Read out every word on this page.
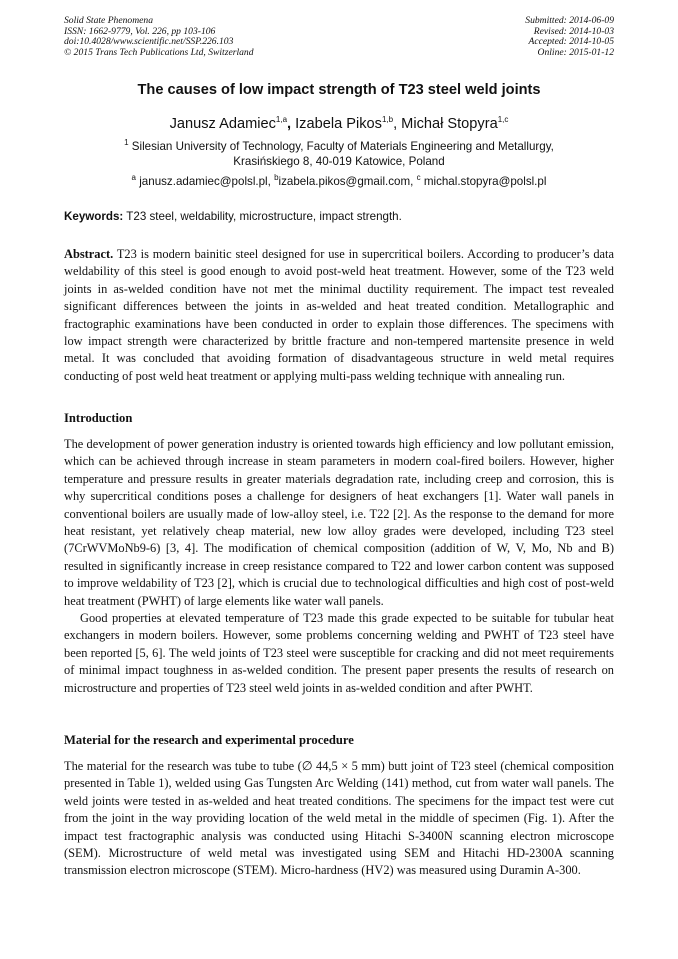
Solid State Phenomena
ISSN: 1662-9779, Vol. 226, pp 103-106
doi:10.4028/www.scientific.net/SSP.226.103
© 2015 Trans Tech Publications Ltd, Switzerland
Submitted: 2014-06-09
Revised: 2014-10-03
Accepted: 2014-10-05
Online: 2015-01-12
The causes of low impact strength of T23 steel weld joints
Janusz Adamiec$^{1,a}$, Izabela Pikos$^{1,b}$, Michał Stopyra$^{1,c}$
$^1$ Silesian University of Technology, Faculty of Materials Engineering and Metallurgy,
Krasińskiego 8, 40-019 Katowice, Poland
$^a$ janusz.adamiec@polsl.pl, $^b$izabela.pikos@gmail.com, $^c$ michal.stopyra@polsl.pl
Keywords: T23 steel, weldability, microstructure, impact strength.

Abstract. T23 is modern bainitic steel designed for use in supercritical boilers. According to producer’s data weldability of this steel is good enough to avoid post-weld heat treatment. However, some of the T23 weld joints in as-welded condition have not met the minimal ductility requirement. The impact test revealed significant differences between the joints in as-welded and heat treated condition. Metallographic and fractographic examinations have been conducted in order to explain those differences. The specimens with low impact strength were characterized by brittle fracture and non-tempered martensite presence in weld metal. It was concluded that avoiding formation of disadvantageous structure in weld metal requires conducting of post weld heat treatment or applying multi-pass welding technique with annealing run.

Introduction

The development of power generation industry is oriented towards high efficiency and low pollutant emission, which can be achieved through increase in steam parameters in modern coal-fired boilers. However, higher temperature and pressure results in greater materials degradation rate, including creep and corrosion, this is why supercritical conditions poses a challenge for designers of heat exchangers [1]. Water wall panels in conventional boilers are usually made of low-alloy steel, i.e. T22 [2]. As the response to the demand for more heat resistant, yet relatively cheap material, new low alloy grades were developed, including T23 steel (7CrWVMoNb9-6) [3, 4]. The modification of chemical composition (addition of W, V, Mo, Nb and B) resulted in significantly increase in creep resistance compared to T22 and lower carbon content was supposed to improve weldability of T23 [2], which is crucial due to technological difficulties and high cost of post-weld heat treatment (PWHT) of large elements like water wall panels.

Good properties at elevated temperature of T23 made this grade expected to be suitable for tubular heat exchangers in modern boilers. However, some problems concerning welding and PWHT of T23 steel have been reported [5, 6]. The weld joints of T23 steel were susceptible for cracking and did not meet requirements of minimal impact toughness in as-welded condition. The present paper presents the results of research on microstructure and properties of T23 steel weld joints in as-welded condition and after PWHT.

Material for the research and experimental procedure

The material for the research was tube to tube (∅ 44,5 × 5 mm) butt joint of T23 steel (chemical composition presented in Table 1), welded using Gas Tungsten Arc Welding (141) method, cut from water wall panels. The weld joints were tested in as-welded and heat treated conditions. The specimens for the impact test were cut from the joint in the way providing location of the weld metal in the middle of specimen (Fig. 1). After the impact test fractographic analysis was conducted using Hitachi S-3400N scanning electron microscope (SEM). Microstructure of weld metal was investigated using SEM and Hitachi HD-2300A scanning transmission electron microscope (STEM). Micro-hardness (HV2) was measured using Duramin A-300.
